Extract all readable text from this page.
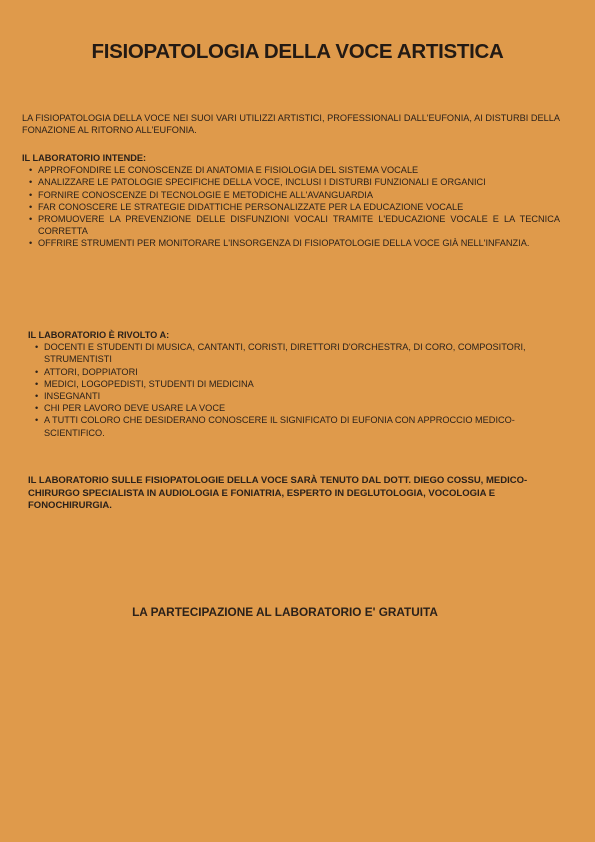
FISIOPATOLOGIA DELLA VOCE ARTISTICA

LA FISIOPATOLOGIA DELLA VOCE NEI SUOI VARI UTILIZZI ARTISTICI, PROFESSIONALI DALL'EUFONIA, AI DISTURBI DELLA FONAZIONE AL RITORNO ALL'EUFONIA.

IL LABORATORIO INTENDE:
• APPROFONDIRE LE CONOSCENZE DI ANATOMIA E FISIOLOGIA DEL SISTEMA VOCALE
• ANALIZZARE LE PATOLOGIE SPECIFICHE DELLA VOCE, INCLUSI I DISTURBI FUNZIONALI E ORGANICI
• FORNIRE CONOSCENZE DI TECNOLOGIE E METODICHE ALL'AVANGUARDIA
• FAR CONOSCERE LE STRATEGIE DIDATTICHE PERSONALIZZATE PER LA EDUCAZIONE VOCALE
• PROMUOVERE LA PREVENZIONE DELLE DISFUNZIONI VOCALI TRAMITE L'EDUCAZIONE VOCALE E LA TECNICA CORRETTA
• OFFRIRE STRUMENTI PER MONITORARE L'INSORGENZA DI FISIOPATOLOGIE DELLA VOCE GIÀ NELL'INFANZIA.
IL LABORATORIO È RIVOLTO A:
• DOCENTI E STUDENTI DI MUSICA, CANTANTI, CORISTI, DIRETTORI D'ORCHESTRA, DI CORO, COMPOSITORI, STRUMENTISTI
• ATTORI, DOPPIATORI
• MEDICI, LOGOPEDISTI, STUDENTI DI MEDICINA
• INSEGNANTI
• CHI PER LAVORO DEVE USARE LA VOCE
• A TUTTI COLORO CHE DESIDERANO CONOSCERE IL SIGNIFICATO DI EUFONIA CON APPROCCIO MEDICO-SCIENTIFICO.

IL LABORATORIO SULLE FISIOPATOLOGIE DELLA VOCE SARÀ TENUTO DAL DOTT. DIEGO COSSU, MEDICO-CHIRURGO SPECIALISTA IN AUDIOLOGIA E FONIATRIA, ESPERTO IN DEGLUTOLOGIA, VOCOLOGIA E FONOCHIRURGIA.

LA PARTECIPAZIONE AL LABORATORIO E' GRATUITA
